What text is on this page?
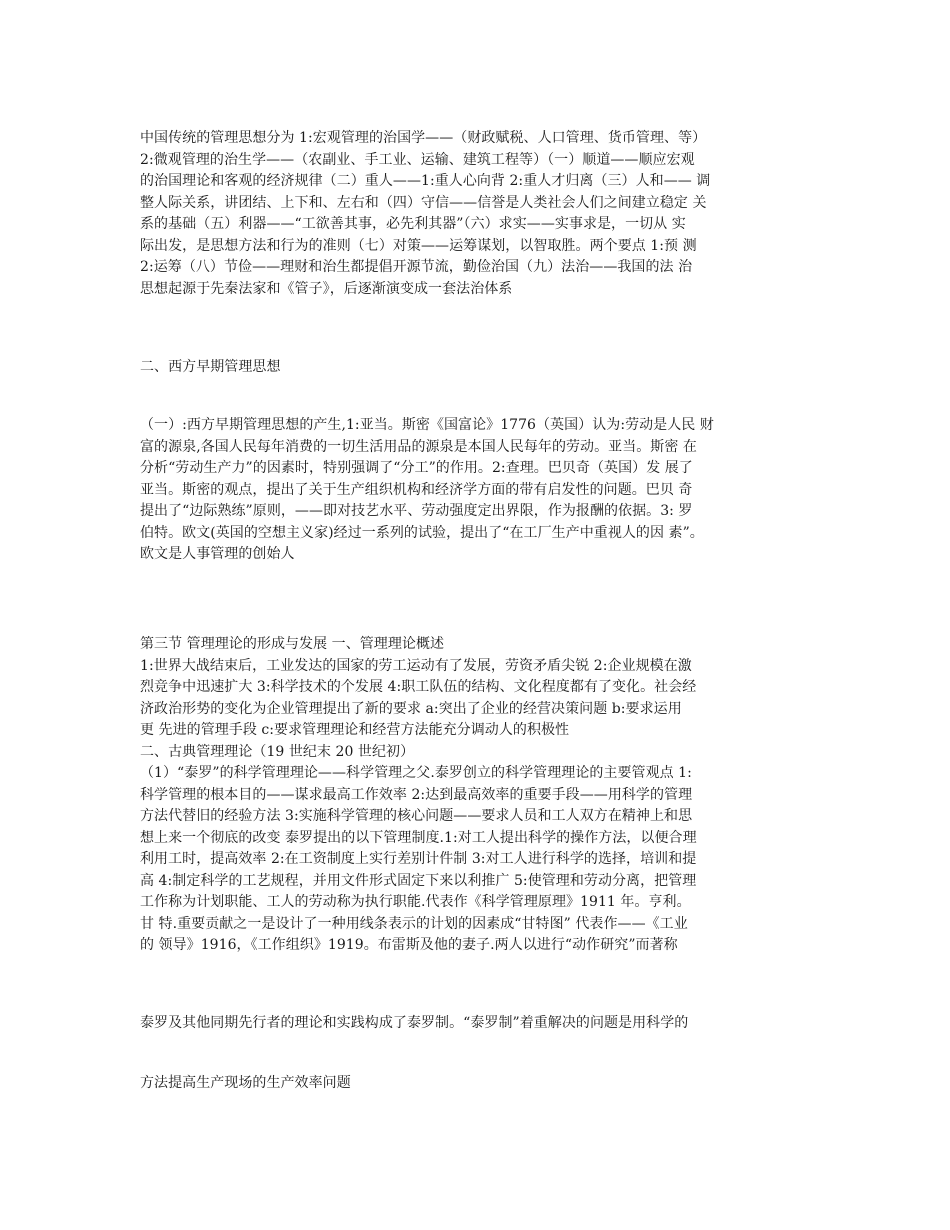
中国传统的管理思想分为 1:宏观管理的治国学——（财政赋税、人口管理、货币管理、等）
2:微观管理的治生学——（农副业、手工业、运输、建筑工程等）（一）顺道——顺应宏观
的治国理论和客观的经济规律（二）重人——1:重人心向背 2:重人才归离（三）人和—— 调
整人际关系，讲团结、上下和、左右和（四）守信——信誉是人类社会人们之间建立稳定 关
系的基础（五）利器——“工欲善其事，必先利其器”（六）求实——实事求是，一切从 实
际出发，是思想方法和行为的准则（七）对策——运筹谋划，以智取胜。两个要点 1:预 测
2:运筹（八）节俭——理财和治生都提倡开源节流，勤俭治国（九）法治——我国的法 治
思想起源于先秦法家和《管子》，后逐渐演变成一套法治体系
二、西方早期管理思想
（一）:西方早期管理思想的产生,1:亚当。斯密《国富论》1776（英国）认为:劳动是人民 财
富的源泉,各国人民每年消费的一切生活用品的源泉是本国人民每年的劳动。亚当。斯密 在
分析“劳动生产力”的因素时，特别强调了“分工”的作用。2:查理。巴贝奇（英国）发 展了
亚当。斯密的观点，提出了关于生产组织机构和经济学方面的带有启发性的问题。巴贝 奇
提出了“边际熟练”原则，——即对技艺水平、劳动强度定出界限，作为报酬的依据。3: 罗
伯特。欧文(英国的空想主义家)经过一系列的试验，提出了“在工厂生产中重视人的因 素”。
欧文是人事管理的创始人
第三节 管理理论的形成与发展 一、管理理论概述
1:世界大战结束后，工业发达的国家的劳工运动有了发展，劳资矛盾尖锐 2:企业规模在激
烈竞争中迅速扩大 3:科学技术的个发展 4:职工队伍的结构、文化程度都有了变化。社会经
济政治形势的变化为企业管理提出了新的要求 a:突出了企业的经营决策问题 b:要求运用
更 先进的管理手段 c:要求管理理论和经营方法能充分调动人的积极性
二、古典管理理论（19 世纪末 20 世纪初）
（1）“泰罗”的科学管理理论——科学管理之父.泰罗创立的科学管理理论的主要管观点 1:
科学管理的根本目的——谋求最高工作效率 2:达到最高效率的重要手段——用科学的管理
方法代替旧的经验方法 3:实施科学管理的核心问题——要求人员和工人双方在精神上和思
想上来一个彻底的改变 泰罗提出的以下管理制度.1:对工人提出科学的操作方法，以便合理
利用工时，提高效率 2:在工资制度上实行差别计件制 3:对工人进行科学的选择，培训和提
高 4:制定科学的工艺规程，并用文件形式固定下来以利推广 5:使管理和劳动分离，把管理
工作称为计划职能、工人的劳动称为执行职能.代表作《科学管理原理》1911 年。亨利。
甘 特.重要贡献之一是设计了一种用线条表示的计划的因素成“甘特图” 代表作——《工业
的 领导》1916，《工作组织》1919。布雷斯及他的妻子.两人以进行“动作研究”而著称
泰罗及其他同期先行者的理论和实践构成了泰罗制。“泰罗制”着重解决的问题是用科学的
方法提高生产现场的生产效率问题
